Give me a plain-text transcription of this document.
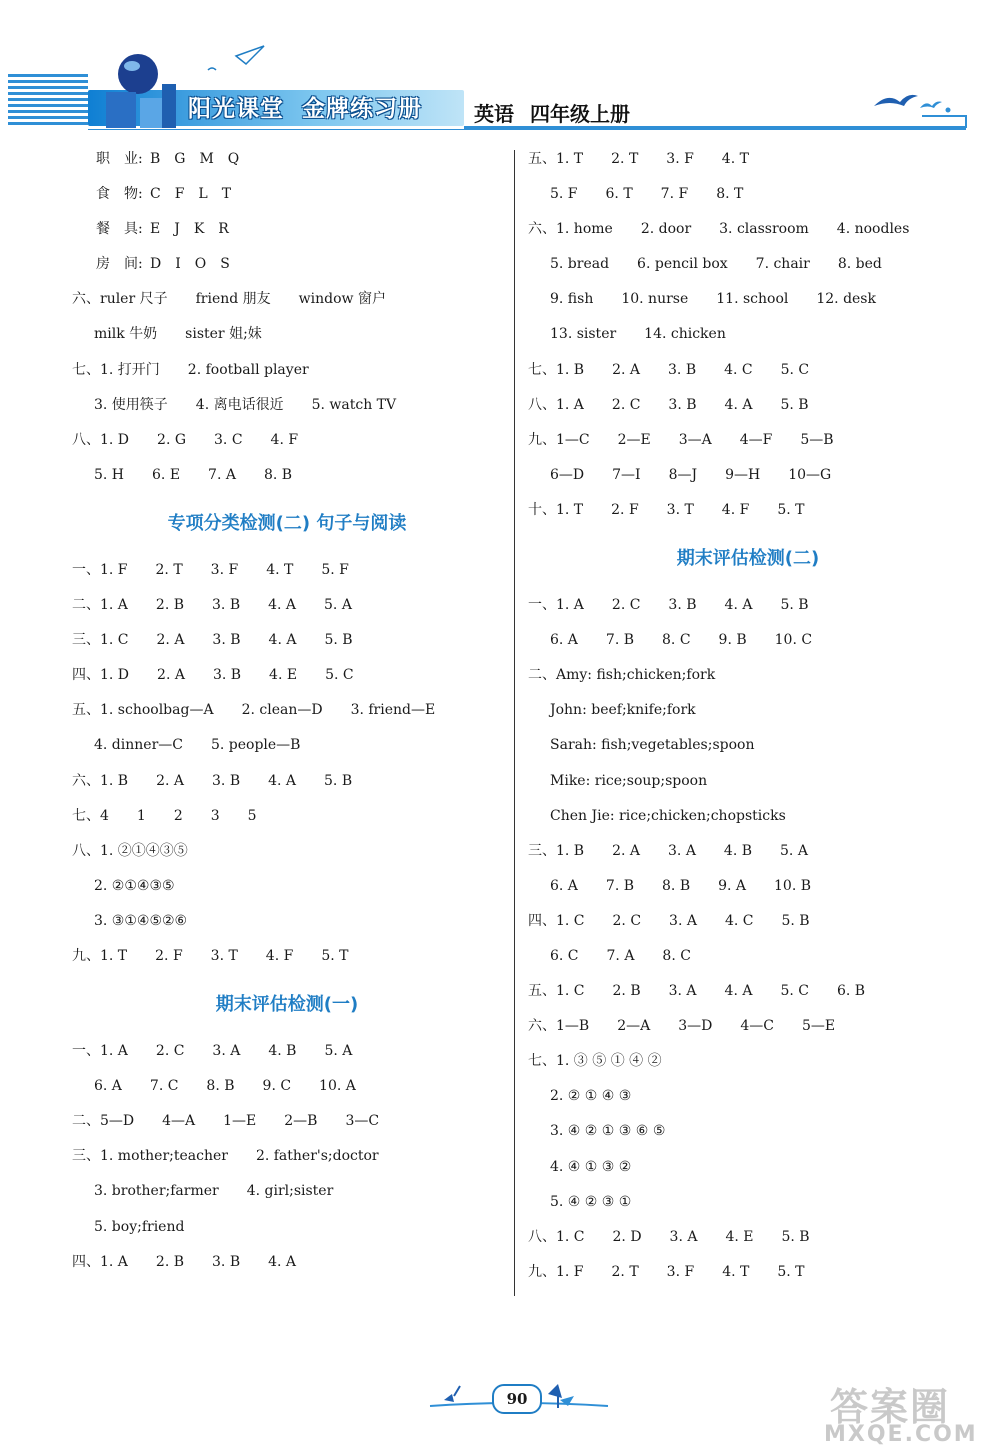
阳光课堂 金牌练习册	英语 四年级上册
职　业: B　G　M　Q
食　物: C　F　L　T
餐　具: E　J　K　R
房　间: D　I　O　S
六、ruler 尺子　　friend 朋友　　window 窗户
milk 牛奶　　sister 姐;妹
七、1. 打开门　　2. football player
3. 使用筷子　　4. 离电话很近　　5. watch TV
八、1. D　　2. G　　3. C　　4. F
5. H　　6. E　　7. A　　8. B
专项分类检测(二) 句子与阅读
一、1. F　　2. T　　3. F　　4. T　　5. F
二、1. A　　2. B　　3. B　　4. A　　5. A
三、1. C　　2. A　　3. B　　4. A　　5. B
四、1. D　　2. A　　3. B　　4. E　　5. C
五、1. schoolbag—A　　2. clean—D　　3. friend—E
4. dinner—C　　5. people—B
六、1. B　　2. A　　3. B　　4. A　　5. B
七、4　　1　　2　　3　　5
八、1. ②①④③⑤
2. ②①④③⑤
3. ③①④⑤②⑥
九、1. T　　2. F　　3. T　　4. F　　5. T
期末评估检测(一)
一、1. A　　2. C　　3. A　　4. B　　5. A
6. A　　7. C　　8. B　　9. C　　10. A
二、5—D　　4—A　　1—E　　2—B　　3—C
三、1. mother;teacher　　2. father's;doctor
3. brother;farmer　　4. girl;sister
5. boy;friend
四、1. A　　2. B　　3. B　　4. A
五、1. T　　2. T　　3. F　　4. T
5. F　　6. T　　7. F　　8. T
六、1. home　　2. door　　3. classroom　　4. noodles
5. bread　　6. pencil box　　7. chair　　8. bed
9. fish　　10. nurse　　11. school　　12. desk
13. sister　　14. chicken
七、1. B　　2. A　　3. B　　4. C　　5. C
八、1. A　　2. C　　3. B　　4. A　　5. B
九、1—C　　2—E　　3—A　　4—F　　5—B
6—D　　7—I　　8—J　　9—H　　10—G
十、1. T　　2. F　　3. T　　4. F　　5. T
期末评估检测(二)
一、1. A　　2. C　　3. B　　4. A　　5. B
6. A　　7. B　　8. C　　9. B　　10. C
二、Amy: fish;chicken;fork
John: beef;knife;fork
Sarah: fish;vegetables;spoon
Mike: rice;soup;spoon
Chen Jie: rice;chicken;chopsticks
三、1. B　　2. A　　3. A　　4. B　　5. A
6. A　　7. B　　8. B　　9. A　　10. B
四、1. C　　2. C　　3. A　　4. C　　5. B
6. C　　7. A　　8. C
五、1. C　　2. B　　3. A　　4. A　　5. C　　6. B
六、1—B　　2—A　　3—D　　4—C　　5—E
七、1. ③ ⑤ ① ④ ②
2. ② ① ④ ③
3. ④ ② ① ③ ⑥ ⑤
4. ④ ① ③ ②
5. ④ ② ③ ①
八、1. C　　2. D　　3. A　　4. E　　5. B
九、1. F　　2. T　　3. F　　4. T　　5. T
90	答案圈
MXQE.COM
